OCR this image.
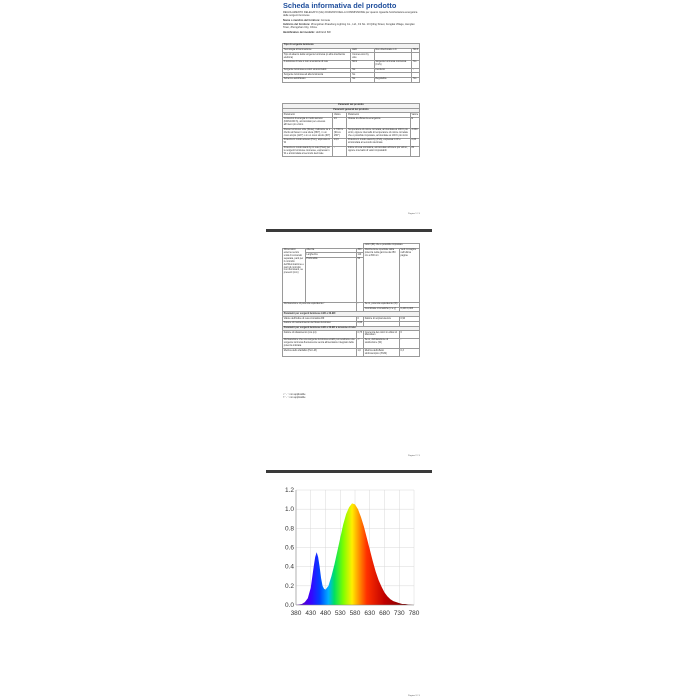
Scheda informativa del prodotto
REGOLAMENTO DELEGATO (UE) 2019/2015 DELLA COMMISSIONE per quanto riguarda l'etichettatura energetica delle sorgenti luminose
Nome o marchio del fornitore: Cometa
Indirizzo del fornitore: Zhongshan Zhaodong Lighting Co., Ltd., F2 No. 10 Qiling Street, Fengkai Village, Henglan Town, Zhongshan City, China.
Identificativo del modello: LED E14 6W
Tipo di sorgente luminosa			
Tecnologia d'illuminazione	LED	Non direzionale o di	MLS
Tipo di attacco della sorgente luminosa (o altra interfaccia elettrica)	Connes-sion by wire		
A tensione di rete o non a tensione di rete	MLS	Sorgente luminosa connessa (CLS)	No
Sorgente luminosa a colori sintonizzabili	No	Involucro	-
Sorgente luminosa ad alta luminanza	No		
Schermo antiriflesso	No	Regolabile	No
Parametri del prodotto			
Parametri generali del prodotto			
Parametro	Valore	Parametro	Valore
Consumo di energia in modo acceso (kWh/1000 h), arrotondato per eccesso all'intero più vicino	24	Classe di efficienza energetica	E
Flusso luminoso utile (Φuse), indicante se è riferito al flusso in una sfera (360°), in un cono ampio (120°) o in un cono stretto (90°)	2 700 lm (90-cu 260°)	Temperatura di colore correlata, arrotondata ai 100 K più vicini, oppure intervallo di temperature di colore correlate che è possibile impostare, arrotondate ai 100 K più vicini	3 000
Potenza in modo acceso (Pon), espressa in W	24,6	Potenza in modo stand-by (Psb), espressa in W e arrotondata al secondo decimale	0,00
Potenza in modo stand-by in rete (Pnet) per le sorgenti luminose connesse, espressa in W e arrotondata al secondo decimale	-	Indice di resa cromatica, arrotondato all'intero più vicino, oppure intervallo di valori impostabili	80
Pagina 1 / 3
			colori (IR) che è possibile impostare	
Dimensioni esterne senza unità di comando separata, parti per il controllo dell'illuminazione e parti di controllo non illuminanti, se presenti (mm)	Altezza	300	Distribuzione spettrale della potenza nella gamma da 250 nm a 800 nm	Vedi immagine nell'ultima pagina
	Larghezza	110		
	Profondità	56		
Dichiarazione di potenza equivalenteᵃ⁾		-	Se sì, potenza equivalente (W)	
			Coordinate cromatiche (x e y)	0,440 0,403
Parametri per sorgenti luminose LED e OLED:				
Valore dell'indice di resa cromatica R9		0	Fattore di sopravvivenza	0,90
Fattore di mantenimento del flusso luminoso		0,96		
Parametri per sorgenti luminose LED e OLED a tensione di rete:				
Fattore di sfasamento (cos φ1)		0,75	Coerenza dei colori in ellissi di MacAdam	6
Dichiarazione che una sorgente luminosa a LED può sostituire una sorgente luminosa fluorescente senza alimentatore integrato della potenza indicata		-ᵇ⁾	Se sì, dichiarazione di sostituzione (W)	-
Metrica dello sfarfallio (Pst LM)		1,0	Metrica dell'effetto stroboscopico (SVM)	0,3
ᵃ⁾ ' - ': non applicabile
ᵇ⁾ ' - ': non applicabile
Pagina 2 / 3
0.0
0.2
0.4
0.6
0.8
1.0
1.2
380 430 480 530 580 630 680 730 780
Pagina 3 / 3
